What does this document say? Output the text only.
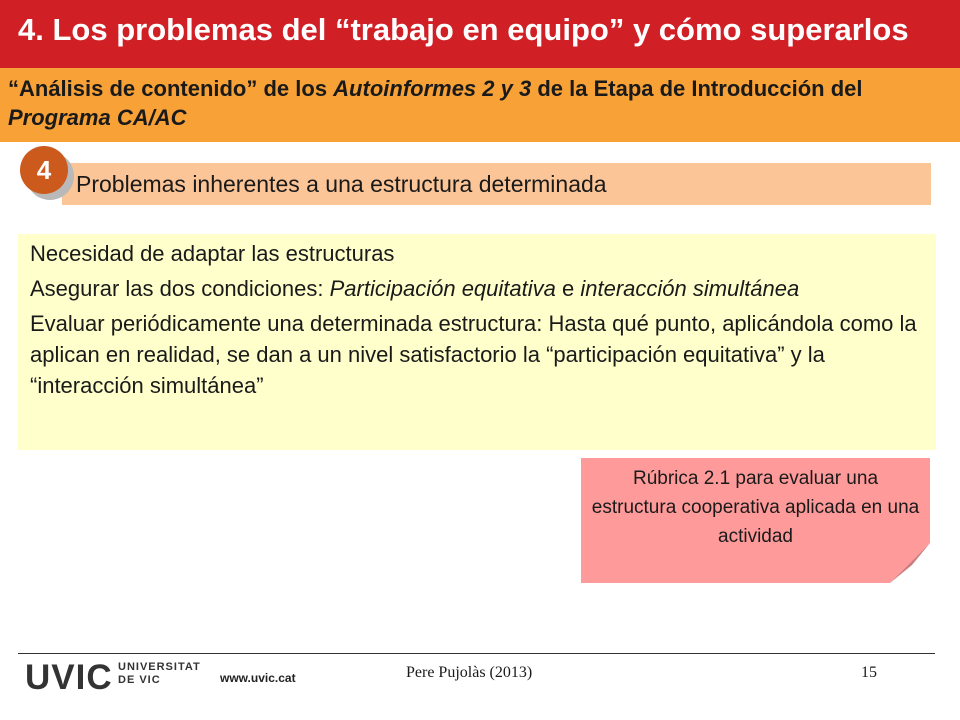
4. Los problemas del “trabajo en equipo” y cómo superarlos
“Análisis de contenido” de los Autoinformes 2 y 3 de la Etapa de Introducción del Programa CA/AC
Problemas inherentes a una estructura determinada
4

Necesidad de adaptar las estructuras

Asegurar las dos condiciones: Participación equitativa e interacción simultánea

Evaluar periódicamente una determinada estructura: Hasta qué punto, aplicándola como la aplican en realidad, se dan a un nivel satisfactorio la “participación equitativa” y la “interacción simultánea”

Rúbrica 2.1 para evaluar una estructura cooperativa aplicada en una actividad
UVIC UNIVERSITAT
DE VIC	www.uvic.cat	Pere Pujolàs (2013)	15
